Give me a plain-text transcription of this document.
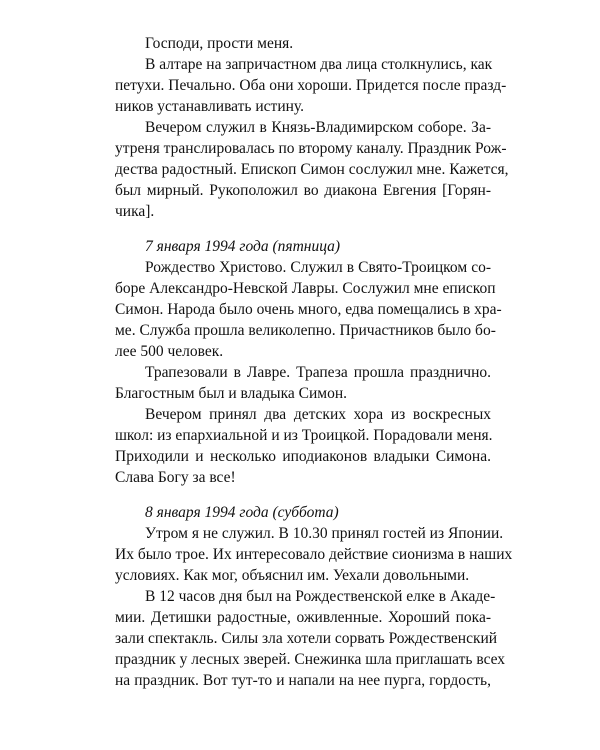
Господи, прости меня.
В алтаре на запричастном два лица столкнулись, как
петухи. Печально. Оба они хороши. Придется после празд-
ников устанавливать истину.
Вечером служил в Князь-Владимирском соборе. За-
утреня транслировалась по второму каналу. Праздник Рож-
дества радостный. Епископ Симон сослужил мне. Кажется,
был мирный. Рукоположил во диакона Евгения [Горян-
чика].
7 января 1994 года (пятница)
Рождество Христово. Служил в Свято-Троицком со-
боре Александро-Невской Лавры. Сослужил мне епископ
Симон. Народа было очень много, едва помещались в хра-
ме. Служба прошла великолепно. Причастников было бо-
лее 500 человек.
Трапезовали в Лавре. Трапеза прошла празднично.
Благостным был и владыка Симон.
Вечером принял два детских хора из воскресных
школ: из епархиальной и из Троицкой. Порадовали меня.
Приходили и несколько иподиаконов владыки Симона.
Слава Богу за все!
8 января 1994 года (суббота)
Утром я не служил. В 10.30 принял гостей из Японии.
Их было трое. Их интересовало действие сионизма в наших
условиях. Как мог, объяснил им. Уехали довольными.
В 12 часов дня был на Рождественской елке в Акаде-
мии. Детишки радостные, оживленные. Хороший пока-
зали спектакль. Силы зла хотели сорвать Рождественский
праздник у лесных зверей. Снежинка шла приглашать всех
на праздник. Вот тут-то и напали на нее пурга, гордость,
